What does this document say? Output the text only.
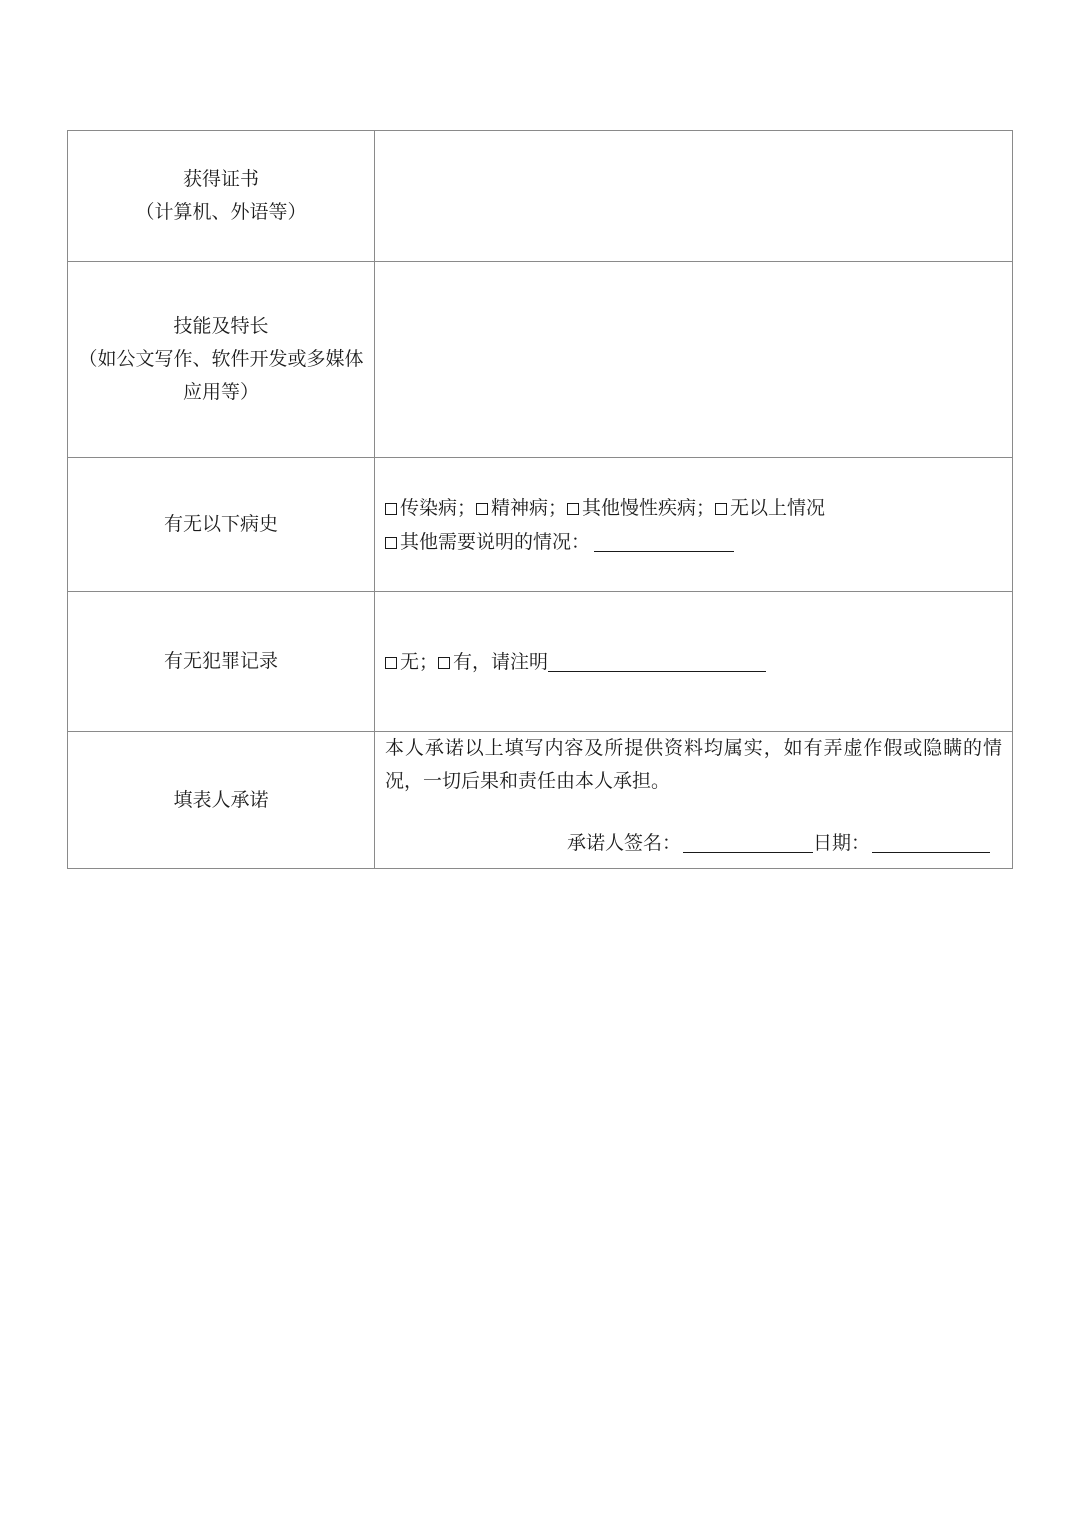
获得证书
（计算机、外语等）	

技能及特长
（如公文写作、软件开发或多媒体应用等）	

有无以下病史	传染病； 精神病； 其他慢性疾病； 无以上情况
其他需要说明的情况：

有无犯罪记录	无； 有，请注明

填表人承诺	本人承诺以上填写内容及所提供资料均属实，如有弄虚作假或隐瞒的情况，一切后果和责任由本人承担。
承诺人签名： 日期：
